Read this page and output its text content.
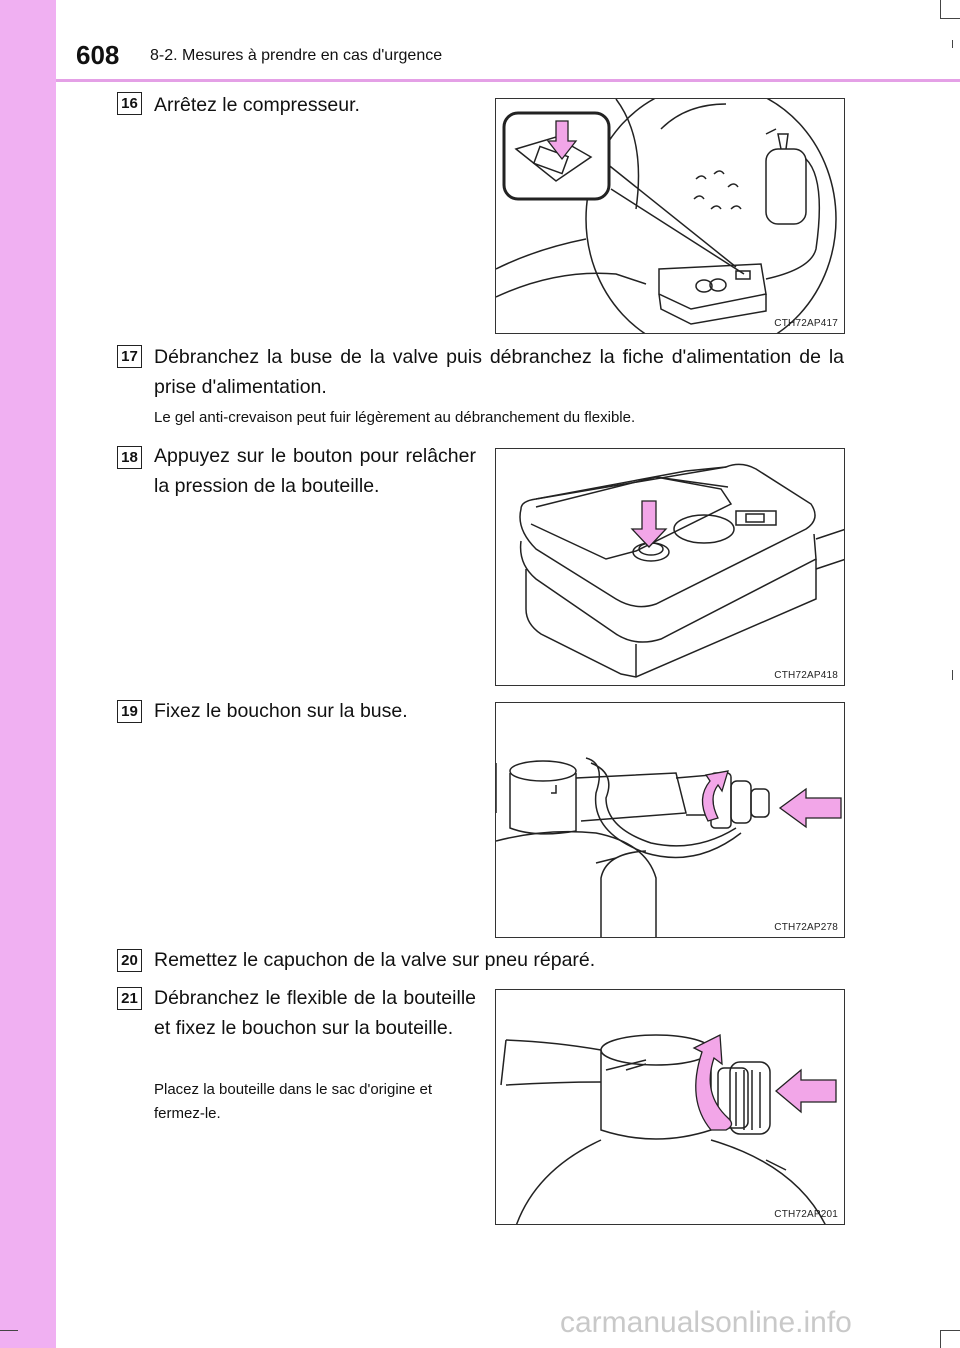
608 8-2. Mesures à prendre en cas d'urgence
16 Arrêtez le compresseur.
CTH72AP417
17 Débranchez la buse de la valve puis débranchez la fiche d'alimentation de la prise d'alimentation.
Le gel anti-crevaison peut fuir légèrement au débranchement du flexible.
18 Appuyez sur le bouton pour relâcher la pression de la bouteille.
CTH72AP418
19 Fixez le bouchon sur la buse.
CTH72AP278
20 Remettez le capuchon de la valve sur pneu réparé.
21 Débranchez le flexible de la bouteille et fixez le bouchon sur la bouteille.
Placez la bouteille dans le sac d'origine et fermez-le.
CTH72AP201
carmanualsonline.info
